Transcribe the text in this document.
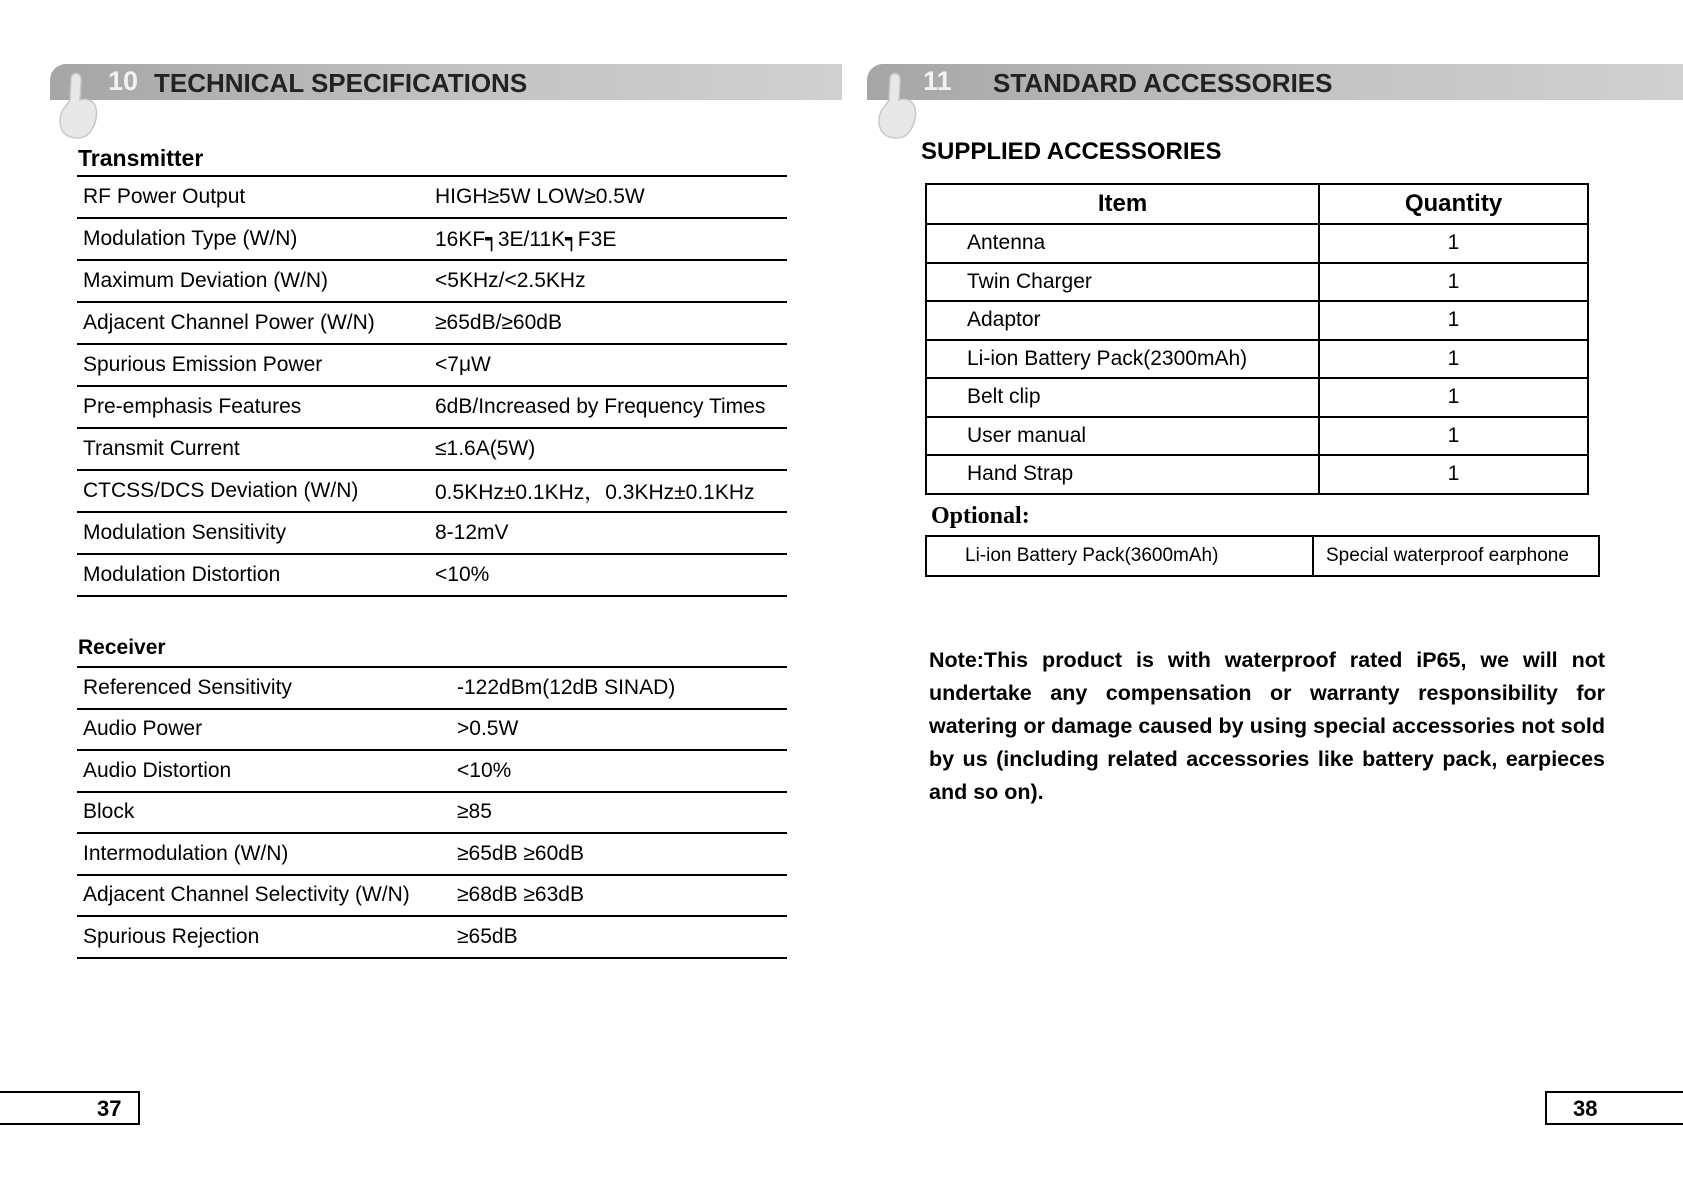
10 TECHNICAL SPECIFICATIONS
Transmitter
RF Power Output	HIGH≥5W LOW≥0.5W
Modulation Type (W/N)	16KF┑3E/11K┑F3E
Maximum Deviation (W/N)	<5KHz/<2.5KHz
Adjacent Channel Power (W/N)	≥65dB/≥60dB
Spurious Emission Power	<7μW
Pre-emphasis Features	6dB/Increased by Frequency Times
Transmit Current	≤1.6A(5W)
CTCSS/DCS Deviation (W/N)	0.5KHz±0.1KHz，0.3KHz±0.1KHz
Modulation Sensitivity	8-12mV
Modulation Distortion	<10%
Receiver
Referenced Sensitivity	-122dBm(12dB SINAD)
Audio Power	>0.5W
Audio Distortion	<10%
Block	≥85
Intermodulation (W/N)	≥65dB ≥60dB
Adjacent Channel Selectivity (W/N)	≥68dB ≥63dB
Spurious Rejection	≥65dB
37
11 STANDARD ACCESSORIES
SUPPLIED ACCESSORIES
Item	Quantity
Antenna	1
Twin Charger	1
Adaptor	1
Li-ion Battery Pack(2300mAh)	1
Belt clip	1
User manual	1
Hand Strap	1
Optional:
Li-ion Battery Pack(3600mAh)	Special waterproof earphone
Note:This product is with waterproof rated iP65, we will not undertake any compensation or warranty responsibility for watering or damage caused by using special accessories not sold by us (including related accessories like battery pack, earpieces and so on).
38
